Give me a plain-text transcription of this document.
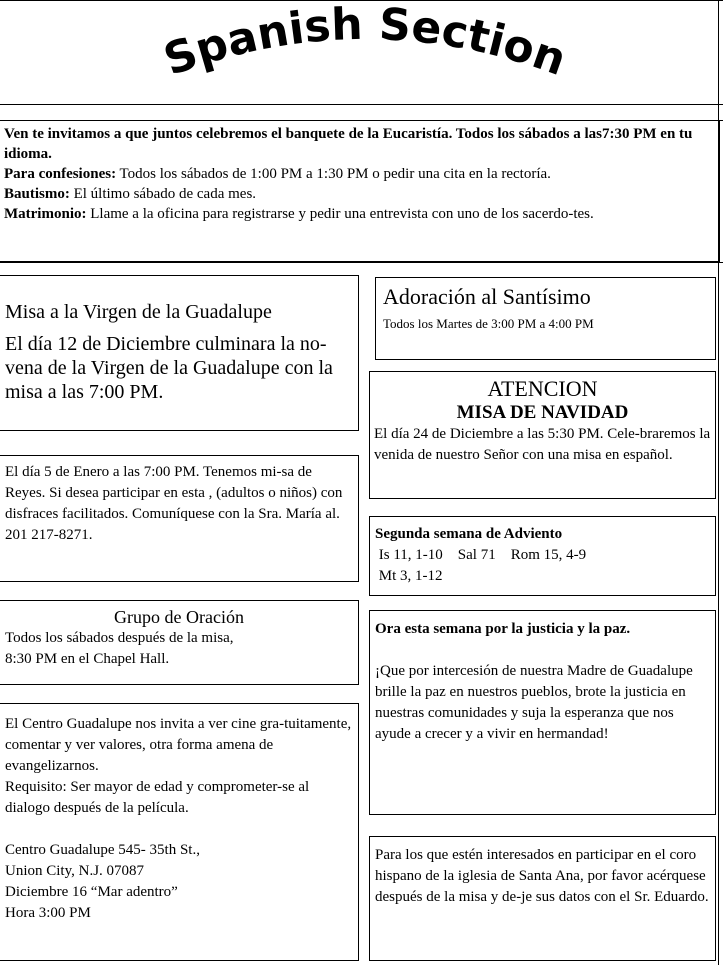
Spanish Section

Ven te invitamos a que juntos celebremos el banquete de la Eucaristía. Todos los sábados a las7:30 PM en tu idioma.

Para confesiones: Todos los sábados de 1:00 PM a 1:30 PM o pedir una cita en la rectoría.

Bautismo: El último sábado de cada mes.

Matrimonio: Llame a la oficina para registrarse y pedir una entrevista con uno de los sacerdo-tes.

Misa a la Virgen de la Guadalupe

El día 12 de Diciembre culminara la no-vena de la Virgen de la Guadalupe con la misa a las 7:00 PM.

El día 5 de Enero a las 7:00 PM. Tenemos mi-sa de Reyes. Si desea participar en esta , (adultos o niños) con disfraces facilitados. Comuníquese con la Sra. María al. 201 217-8271.

Grupo de Oración

Todos los sábados después de la misa,

8:30 PM en el Chapel Hall.

El Centro Guadalupe nos invita a ver cine gra-tuitamente, comentar y ver valores, otra forma amena de evangelizarnos.

Requisito: Ser mayor de edad y comprometer-se al dialogo después de la película.

Centro Guadalupe 545- 35th St.,

Union City, N.J. 07087

Diciembre 16 “Mar adentro”

Hora 3:00 PM

Adoración al Santísimo

Todos los Martes de 3:00 PM a 4:00 PM

ATENCION

MISA DE NAVIDAD

El día 24 de Diciembre a las 5:30 PM. Cele-braremos la venida de nuestro Señor con una misa en español.

Segunda semana de Adviento

Is 11, 1-10    Sal 71    Rom 15, 4-9

Mt 3, 1-12

Ora esta semana por la justicia y la paz.

¡Que por intercesión de nuestra Madre de Guadalupe brille la paz en nuestros pueblos, brote la justicia en nuestras comunidades y suja la esperanza que nos ayude a crecer y a vivir en hermandad!

Para los que estén interesados en participar en el coro hispano de la iglesia de Santa Ana, por favor acérquese después de la misa y de-je sus datos con el Sr. Eduardo.
